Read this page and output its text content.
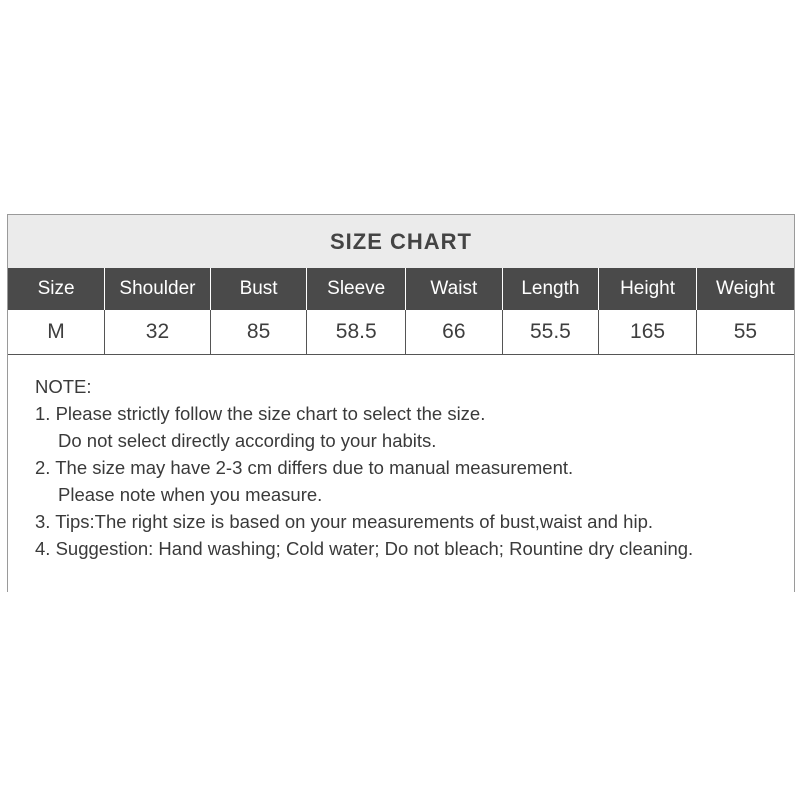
SIZE CHART
Size	Shoulder	Bust	Sleeve	Waist	Length	Height	Weight
M	32	85	58.5	66	55.5	165	55
NOTE:
1. Please strictly follow the size chart to select the size.
Do not select directly according to your habits.
2. The size may have 2-3 cm differs due to manual measurement.
Please note when you measure.
3. Tips:The right size is based on your measurements of bust,waist and hip.
4. Suggestion: Hand washing; Cold water; Do not bleach; Rountine dry cleaning.
